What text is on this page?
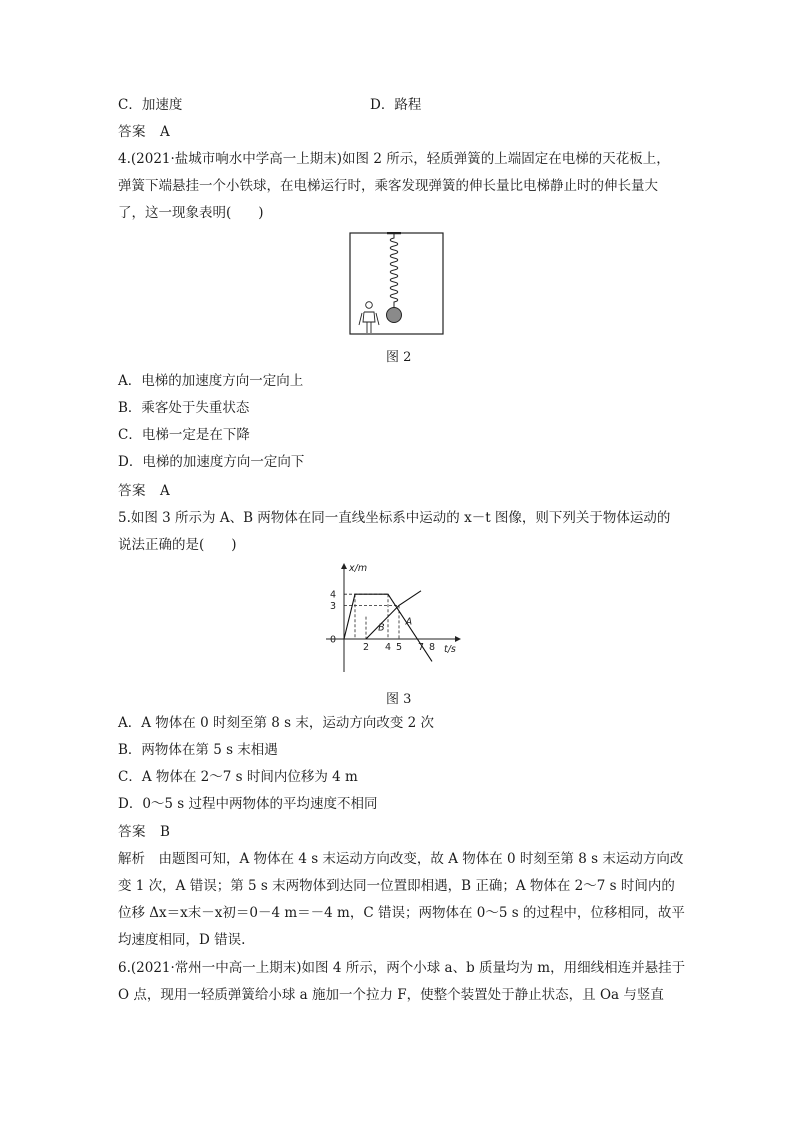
C．加速度	D．路程
答案 A
4.(2021·盐城市响水中学高一上期末)如图 2 所示，轻质弹簧的上端固定在电梯的天花板上，
弹簧下端悬挂一个小铁球，在电梯运行时，乘客发现弹簧的伸长量比电梯静止时的伸长量大
了，这一现象表明(　　)
图 2
A．电梯的加速度方向一定向上
B．乘客处于失重状态
C．电梯一定是在下降
D．电梯的加速度方向一定向下
答案 A
5.如图 3 所示为 A、B 两物体在同一直线坐标系中运动的 x－t 图像，则下列关于物体运动的
说法正确的是(　　)
x/m
t/s
A
B
4
3
0
2 4 5 7 8
图 3
A．A 物体在 0 时刻至第 8 s 末，运动方向改变 2 次
B．两物体在第 5 s 末相遇
C．A 物体在 2～7 s 时间内位移为 4 m
D．0～5 s 过程中两物体的平均速度不相同
答案 B
解析　由题图可知，A 物体在 4 s 末运动方向改变，故 A 物体在 0 时刻至第 8 s 末运动方向改
变 1 次，A 错误；第 5 s 末两物体到达同一位置即相遇，B 正确；A 物体在 2～7 s 时间内的
位移 Δx＝x末－x初＝0－4 m＝－4 m，C 错误；两物体在 0～5 s 的过程中，位移相同，故平
均速度相同，D 错误.
6.(2021·常州一中高一上期末)如图 4 所示，两个小球 a、b 质量均为 m，用细线相连并悬挂于
O 点，现用一轻质弹簧给小球 a 施加一个拉力 F，使整个装置处于静止状态，且 Oa 与竖直
